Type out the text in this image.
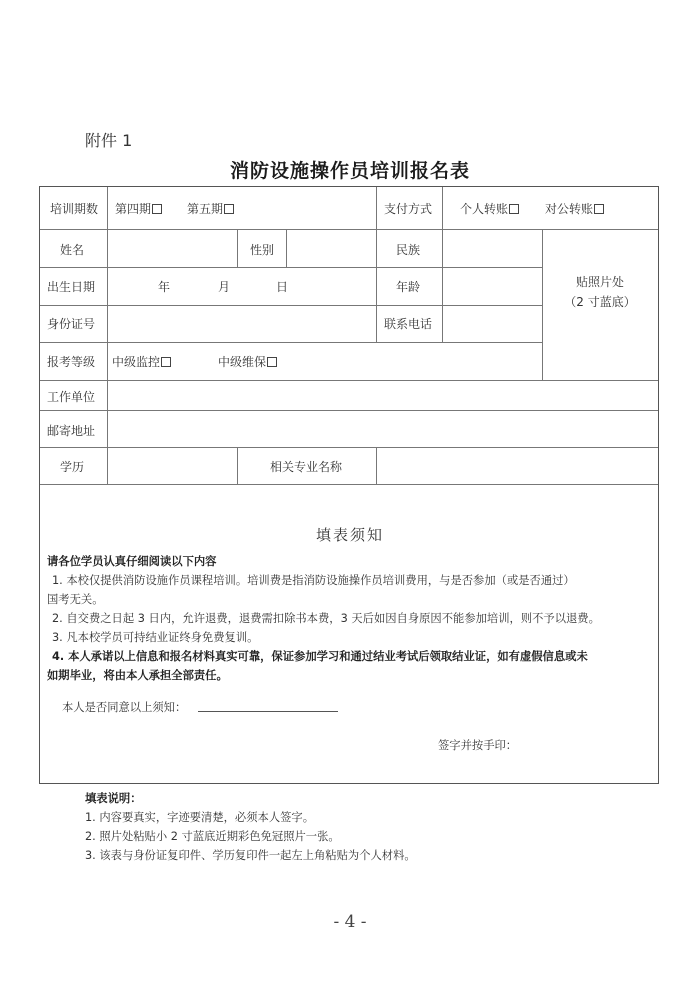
附件 1
消防设施操作员培训报名表
培训期数 第四期	第五期	支付方式 个人转账	对公转账
姓名	性别	民族
出生日期	年	月	日	年龄	贴照片处
（2 寸蓝底）
身份证号	联系电话
报考等级 中级监控	中级维保
工作单位
邮寄地址
学历	相关专业名称
填表须知
请各位学员认真仔细阅读以下内容
1. 本校仅提供消防设施作员课程培训。培训费是指消防设施操作员培训费用，与是否参加（或是否通过）
国考无关。
2. 自交费之日起 3 日内，允许退费，退费需扣除书本费，3 天后如因自身原因不能参加培训，则不予以退费。
3. 凡本校学员可持结业证终身免费复训。
4. 本人承诺以上信息和报名材料真实可靠，保证参加学习和通过结业考试后领取结业证，如有虚假信息或未
如期毕业，将由本人承担全部责任。
本人是否同意以上须知：
签字并按手印：
填表说明：
1. 内容要真实，字迹要清楚，必须本人签字。
2. 照片处粘贴小 2 寸蓝底近期彩色免冠照片一张。
3. 该表与身份证复印件、学历复印件一起左上角粘贴为个人材料。
- 4 -
